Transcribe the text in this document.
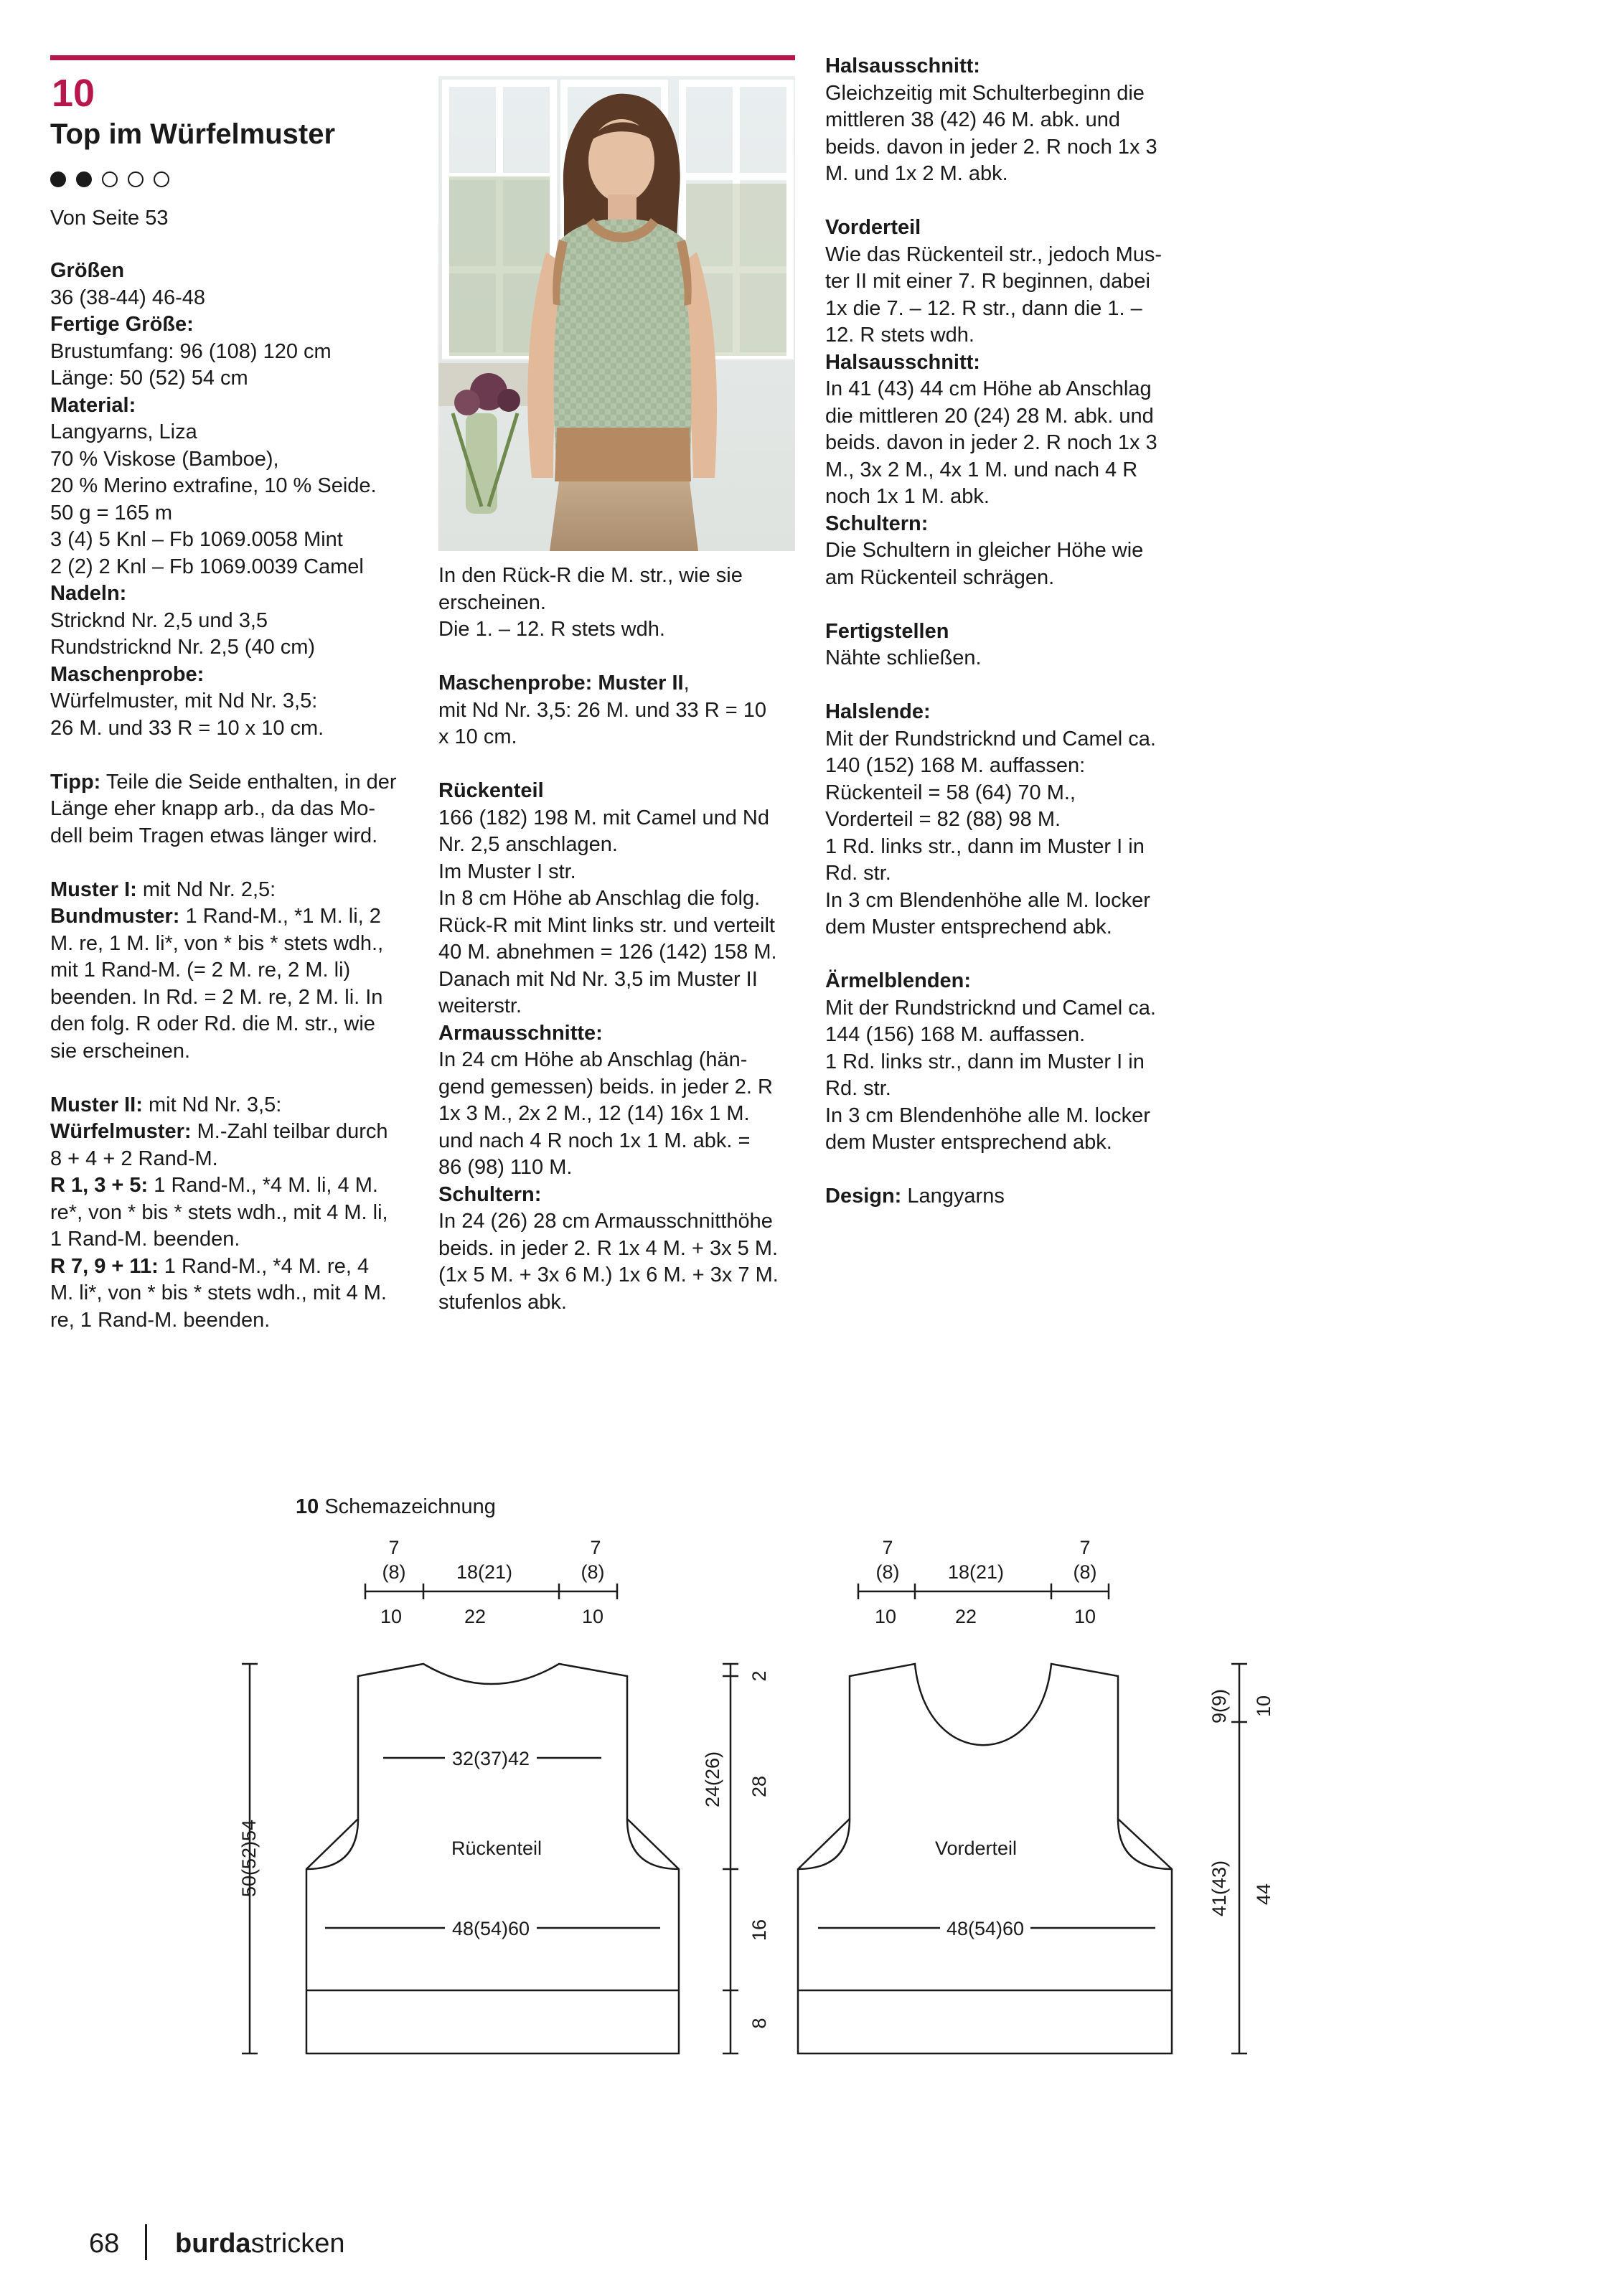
10
Top im Würfelmuster
Von Seite 53

Größen

36 (38-44) 46-48

Fertige Größe:

Brustumfang: 96 (108) 120 cm

Länge: 50 (52) 54 cm

Material:

Langyarns, Liza

70 % Viskose (Bamboe),

20 % Merino extrafine, 10 % Seide.

50 g = 165 m

3 (4) 5 Knl – Fb 1069.0058 Mint

2 (2) 2 Knl – Fb 1069.0039 Camel

Nadeln:

Stricknd Nr. 2,5 und 3,5

Rundstricknd Nr. 2,5 (40 cm)

Maschenprobe:

Würfelmuster, mit Nd Nr. 3,5:

26 M. und 33 R = 10 x 10 cm.

Tipp: Teile die Seide enthalten, in der

Länge eher knapp arb., da das Mo-

dell beim Tragen etwas länger wird.

Muster I: mit Nd Nr. 2,5:

Bundmuster: 1 Rand-M., *1 M. li, 2

M. re, 1 M. li*, von * bis * stets wdh.,

mit 1 Rand-M. (= 2 M. re, 2 M. li)

beenden. In Rd. = 2 M. re, 2 M. li. In

den folg. R oder Rd. die M. str., wie

sie erscheinen.

Muster II: mit Nd Nr. 3,5:

Würfelmuster: M.-Zahl teilbar durch

8 + 4 + 2 Rand-M.

R 1, 3 + 5: 1 Rand-M., *4 M. li, 4 M.

re*, von * bis * stets wdh., mit 4 M. li,

1 Rand-M. beenden.

R 7, 9 + 11: 1 Rand-M., *4 M. re, 4

M. li*, von * bis * stets wdh., mit 4 M.

re, 1 Rand-M. beenden.

In den Rück-R die M. str., wie sie

erscheinen.

Die 1. – 12. R stets wdh.

Maschenprobe: Muster II,

mit Nd Nr. 3,5: 26 M. und 33 R = 10

x 10 cm.

Rückenteil

166 (182) 198 M. mit Camel und Nd

Nr. 2,5 anschlagen.

Im Muster I str.

In 8 cm Höhe ab Anschlag die folg.

Rück-R mit Mint links str. und verteilt

40 M. abnehmen = 126 (142) 158 M.

Danach mit Nd Nr. 3,5 im Muster II

weiterstr.

Armausschnitte:

In 24 cm Höhe ab Anschlag (hän-

gend gemessen) beids. in jeder 2. R

1x 3 M., 2x 2 M., 12 (14) 16x 1 M.

und nach 4 R noch 1x 1 M. abk. =

86 (98) 110 M.

Schultern:

In 24 (26) 28 cm Armausschnitthöhe

beids. in jeder 2. R 1x 4 M. + 3x 5 M.

(1x 5 M. + 3x 6 M.) 1x 6 M. + 3x 7 M.

stufenlos abk.

Halsausschnitt:

Gleichzeitig mit Schulterbeginn die

mittleren 38 (42) 46 M. abk. und

beids. davon in jeder 2. R noch 1x 3

M. und 1x 2 M. abk.

Vorderteil

Wie das Rückenteil str., jedoch Mus-

ter II mit einer 7. R beginnen, dabei

1x die 7. – 12. R str., dann die 1. –

12. R stets wdh.

Halsausschnitt:

In 41 (43) 44 cm Höhe ab Anschlag

die mittleren 20 (24) 28 M. abk. und

beids. davon in jeder 2. R noch 1x 3

M., 3x 2 M., 4x 1 M. und nach 4 R

noch 1x 1 M. abk.

Schultern:

Die Schultern in gleicher Höhe wie

am Rückenteil schrägen.

Fertigstellen

Nähte schließen.

Halslende:

Mit der Rundstricknd und Camel ca.

140 (152) 168 M. auffassen:

Rückenteil = 58 (64) 70 M.,

Vorderteil = 82 (88) 98 M.

1 Rd. links str., dann im Muster I in

Rd. str.

In 3 cm Blendenhöhe alle M. locker

dem Muster entsprechend abk.

Ärmelblenden:

Mit der Rundstricknd und Camel ca.

144 (156) 168 M. auffassen.

1 Rd. links str., dann im Muster I in

Rd. str.

In 3 cm Blendenhöhe alle M. locker

dem Muster entsprechend abk.

Design: Langyarns

10 Schemazeichnung
7
(8)
10
18(21)
22
7
(8)
10
32(37)42
Rückenteil
48(54)60
50(52)54
2
28
16
8
24(26)
7
(8)
10
18(21)
22
7
(8)
10
Vorderteil
48(54)60
9(9) 10
41(43) 44
68 burdastricken
